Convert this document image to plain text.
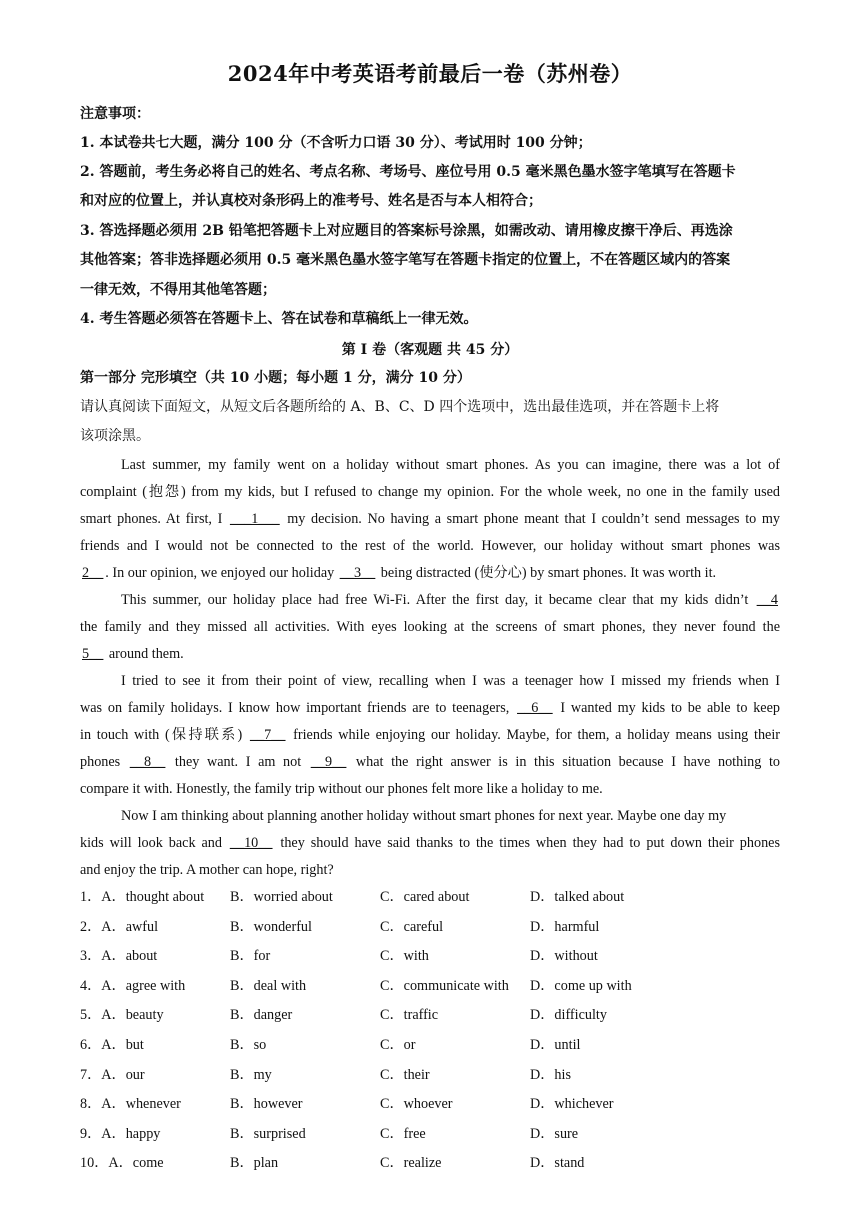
2024年中考英语考前最后一卷（苏州卷）
注意事项：
1. 本试卷共七大题，满分 100 分（不含听力口语 30 分）、考试用时 100 分钟；
2. 答题前，考生务必将自己的姓名、考点名称、考场号、座位号用 0.5 毫米黑色墨水签字笔填写在答题卡
和对应的位置上，并认真校对条形码上的准考号、姓名是否与本人相符合；
3. 答选择题必须用 2B 铅笔把答题卡上对应题目的答案标号涂黑，如需改动、请用橡皮擦干净后、再选涂
其他答案；答非选择题必须用 0.5 毫米黑色墨水签字笔写在答题卡指定的位置上，不在答题区域内的答案
一律无效，不得用其他笔答题；
4. 考生答题必须答在答题卡上、答在试卷和草稿纸上一律无效。
第 I 卷（客观题 共 45 分）
第一部分 完形填空（共 10 小题；每小题 1 分，满分 10 分）
请认真阅读下面短文，从短文后各题所给的 A、B、C、D 四个选项中，选出最佳选项，并在答题卡上将
该项涂黑。
Last summer, my family went on a holiday without smart phones. As you can imagine, there was a lot of
complaint (抱怨) from my kids, but I refused to change my opinion. For the whole week, no one in the family used
smart phones. At first, I ___1___ my decision. No having a smart phone meant that I couldn’t send messages to my
friends and I would not be connected to the rest of the world. However, our holiday without smart phones was
2__ . In our opinion, we enjoyed our holiday __3__ being distracted (使分心) by smart phones. It was worth it.
This summer, our holiday place had free Wi-Fi. After the first day, it became clear that my kids didn’t __4
the family and they missed all activities. With eyes looking at the screens of smart phones, they never found the
5__ around them.
I tried to see it from their point of view, recalling when I was a teenager how I missed my friends when I
was on family holidays. I know how important friends are to teenagers, __6__ I wanted my kids to be able to keep
in touch with (保持联系) __7__ friends while enjoying our holiday. Maybe, for them, a holiday means using their
phones __8__ they want. I am not __9__ what the right answer is in this situation because I have nothing to
compare it with. Honestly, the family trip without our phones felt more like a holiday to me.
Now I am thinking about planning another holiday without smart phones for next year. Maybe one day my
kids will look back and __10__ they should have said thanks to the times when they had to put down their phones
and enjoy the trip. A mother can hope, right?
1．A．thought about B．worried about	C．cared about	D．talked about
2．A．awful	B．wonderful	C．careful	D．harmful
3．A．about	B．for	C．with	D．without
4．A．agree with	B．deal with	C．communicate with D．come up with
5．A．beauty	B．danger	C．traffic	D．difficulty
6．A．but	B．so	C．or	D．until
7．A．our	B．my	C．their	D．his
8．A．whenever	B．however	C．whoever	D．whichever
9．A．happy	B．surprised	C．free	D．sure
10．A．come	B．plan	C．realize	D．stand
